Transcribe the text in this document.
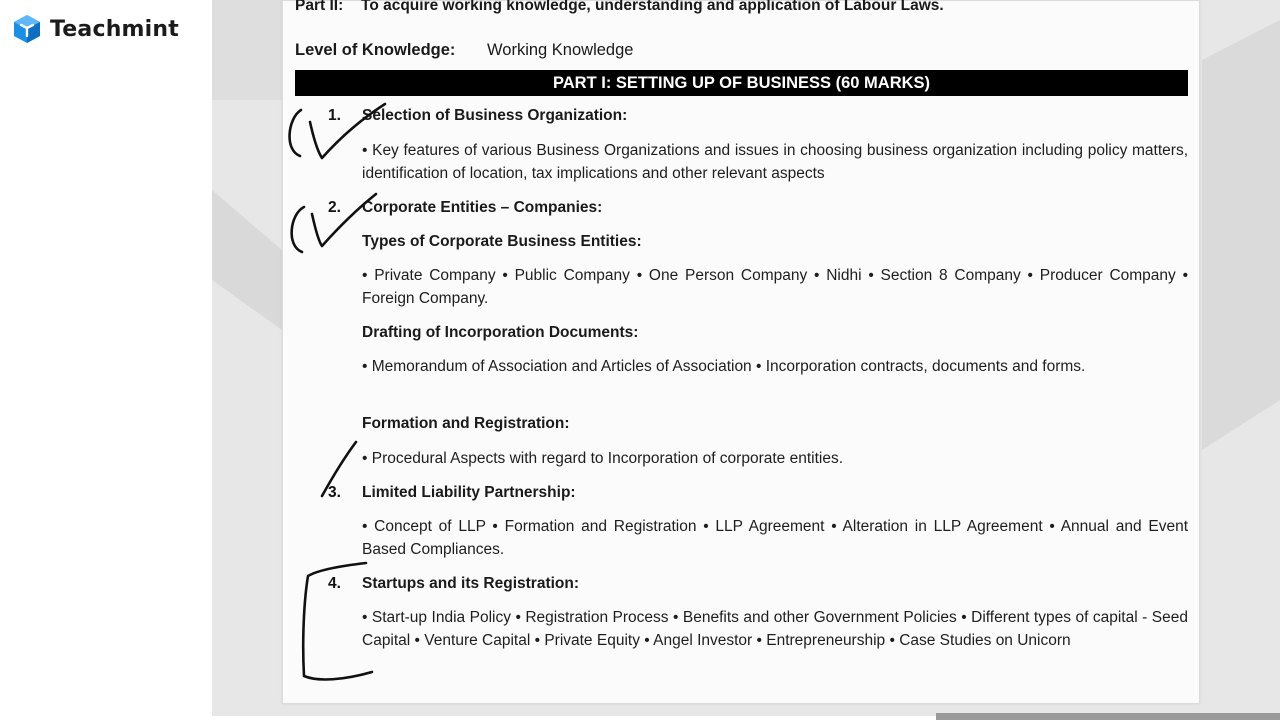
Teachmint
Part II: To acquire working knowledge, understanding and application of Labour Laws.
Level of Knowledge: Working Knowledge
PART I: SETTING UP OF BUSINESS (60 MARKS)
1. Selection of Business Organization:
• Key features of various Business Organizations and issues in choosing business organization including policy matters, identification of location, tax implications and other relevant aspects
2. Corporate Entities – Companies:
Types of Corporate Business Entities:
• Private Company • Public Company • One Person Company • Nidhi • Section 8 Company • Producer Company • Foreign Company.
Drafting of Incorporation Documents:
• Memorandum of Association and Articles of Association • Incorporation contracts, documents and forms.
Formation and Registration:
• Procedural Aspects with regard to Incorporation of corporate entities.
3. Limited Liability Partnership:
• Concept of LLP • Formation and Registration • LLP Agreement • Alteration in LLP Agreement • Annual and Event Based Compliances.
4. Startups and its Registration:
• Start-up India Policy • Registration Process • Benefits and other Government Policies • Different types of capital - Seed Capital • Venture Capital • Private Equity • Angel Investor • Entrepreneurship • Case Studies on Unicorn
